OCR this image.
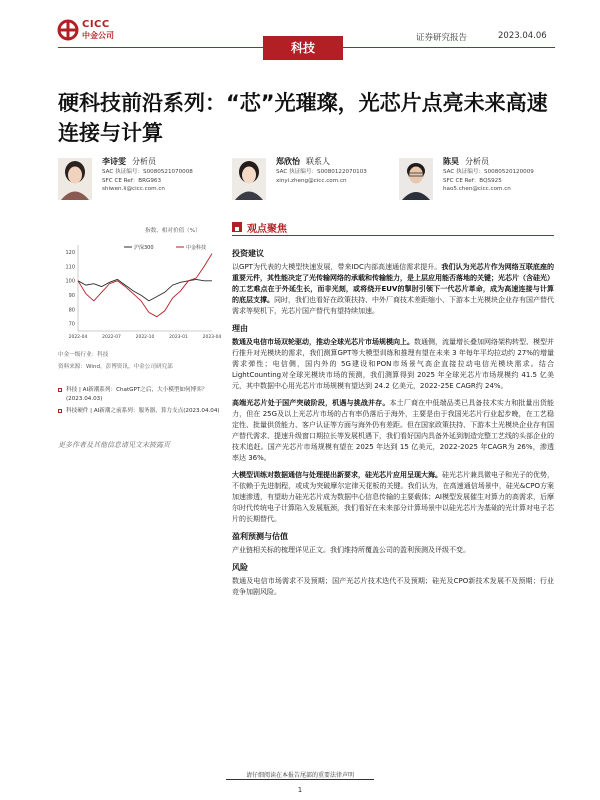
CICC
中金公司	证券研究报告	2023.04.06
科技
硬科技前沿系列：“芯”光璀璨，光芯片点亮未来高速连接与计算
李诗雯 分析员
SAC 执证编号：S0080521070008
SFC CE Ref：BRG963
shiwen.li@cicc.com.cn
郑欣怡 联系人
SAC 执证编号：S0080122070103
xinyi.zheng@cicc.com.cn
陈昊 分析员
SAC 执证编号：S0080520120009
SFC CE Ref：BQS925
hao5.chen@cicc.com.cn
指数、相对价值（%）
120
110
100
90
80
70
2022-04	2022-07	2022-10	2023-01	2023-04
沪深300	中金科技
中金一级行业：科技
资料来源：Wind，彭博资讯，中金公司研究部
科技 | AI新潮系列：ChatGPT之后，大小模型如何博弈？ (2023.04.03)
科技硬件 | AI新潮之前系列：服务器，算力支点(2023.04.04)
更多作者及其他信息请见文末披露页
观点聚焦
投资建议

以GPT为代表的大模型快速发展，带来IDC内部高速通信需求提升。我们认为光芯片作为网络互联底座的重要元件，其性能决定了光传输网络的承载和传输能力，是上层应用能否落地的关键；光芯片（含硅光）的工艺难点在于外延生长，而非光刻，或将绕开EUV的掣肘引领下一代芯片革命，成为高速连接与计算的底层支撑。同时，我们也看好在政策扶持、中外厂商技术差距缩小、下游本土光模块企业存有国产替代需求等契机下，光芯片国产替代有望持续加速。

理由

数通及电信市场双轮驱动，推动全球光芯片市场规模向上。数通侧，流量增长叠加网络架构转型、模型并行推升对光模块的需求，我们测算GPT等大模型训练和推理有望在未来 3 年每年平均拉动约 27%的增量需求弹性；电信侧，国内外的 5G建设和PON市场景气高企直接拉动电信光模块需求。结合LightCounting对全球光模块市场的预测，我们测算得到 2025 年全球光芯片市场规模约 41.5 亿美元，其中数据中心用光芯片市场规模有望达到 24.2 亿美元，2022-25E CAGR约 24%。

高端光芯片处于国产突破阶段，机遇与挑战并存。本土厂商在中低端品类已具备技术实力和批量出货能力，但在 25G及以上光芯片市场的占有率仍落后于海外，主要是由于我国光芯片行业起步晚，在工艺稳定性、批量供货能力、客户认证等方面与海外仍有差距。但在国家政策扶持、下游本土光模块企业存有国产替代需求、提速升级窗口期拉长等发展机遇下，我们看好国内具备外延到制造完整工艺线的头部企业的技术追赶。国产光芯片市场规模有望在 2025 年达到 15 亿美元，2022-2025 年CAGR为 26%，渗透率达 36%。

大模型训练对数据通信与处理提出新要求，硅光芯片应用呈现大海。硅光芯片兼具微电子和光子的优势，不依赖于先进制程，或成为突破摩尔定律天花板的关键。我们认为，在高速通信场景中，硅光&CPO方案加速渗透，有望助力硅光芯片成为数据中心信息传输的主要载体；AI模型发展催生对算力的高需求，后摩尔时代传统电子计算陷入发展瓶颈，我们看好在未来部分计算场景中以硅光芯片为基础的光计算对电子芯片的长期替代。

盈利预测与估值

产业链相关标的梳理详见正文。我们维持所覆盖公司的盈利预测及评级不变。

风险

数通及电信市场需求不及预期；国产光芯片技术迭代不及预期；硅光及CPO新技术发展不及预期；行业竞争加剧风险。

请仔细阅读在本报告尾部的重要法律声明
1
